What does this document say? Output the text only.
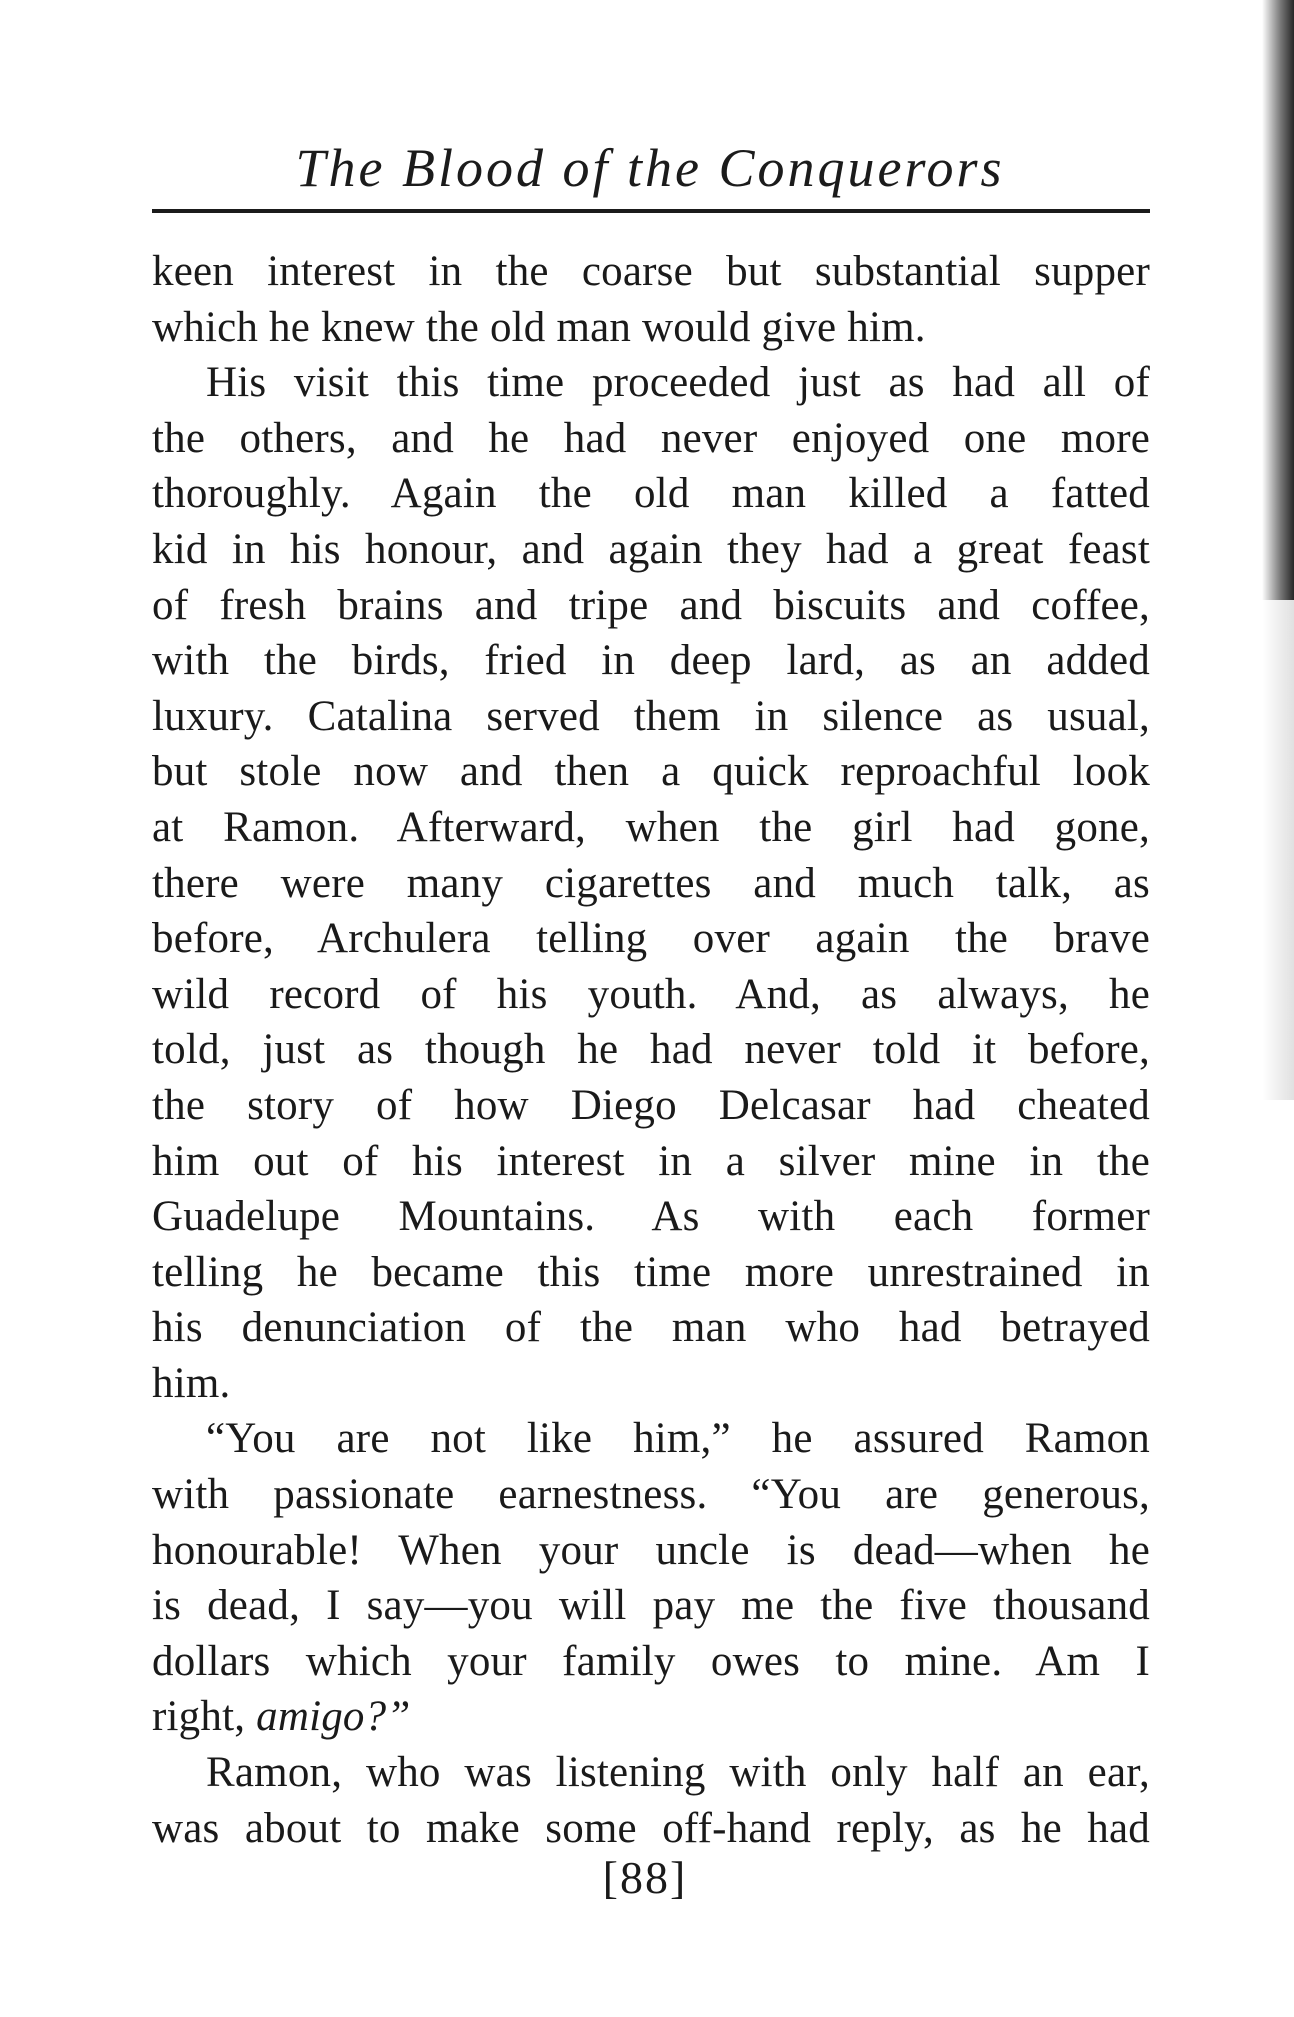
The Blood of the Conquerors
keen interest in the coarse but substantial supper
which he knew the old man would give him.
His visit this time proceeded just as had all of
the others, and he had never enjoyed one more
thoroughly. Again the old man killed a fatted
kid in his honour, and again they had a great feast
of fresh brains and tripe and biscuits and coffee,
with the birds, fried in deep lard, as an added
luxury. Catalina served them in silence as usual,
but stole now and then a quick reproachful look
at Ramon. Afterward, when the girl had gone,
there were many cigarettes and much talk, as
before, Archulera telling over again the brave
wild record of his youth. And, as always, he
told, just as though he had never told it before,
the story of how Diego Delcasar had cheated
him out of his interest in a silver mine in the
Guadelupe Mountains. As with each former
telling he became this time more unrestrained in
his denunciation of the man who had betrayed
him.
“You are not like him,” he assured Ramon
with passionate earnestness. “You are generous,
honourable! When your uncle is dead—when he
is dead, I say—you will pay me the five thousand
dollars which your family owes to mine. Am I
right, amigo?”
Ramon, who was listening with only half an ear,
was about to make some off-hand reply, as he had
[88]
